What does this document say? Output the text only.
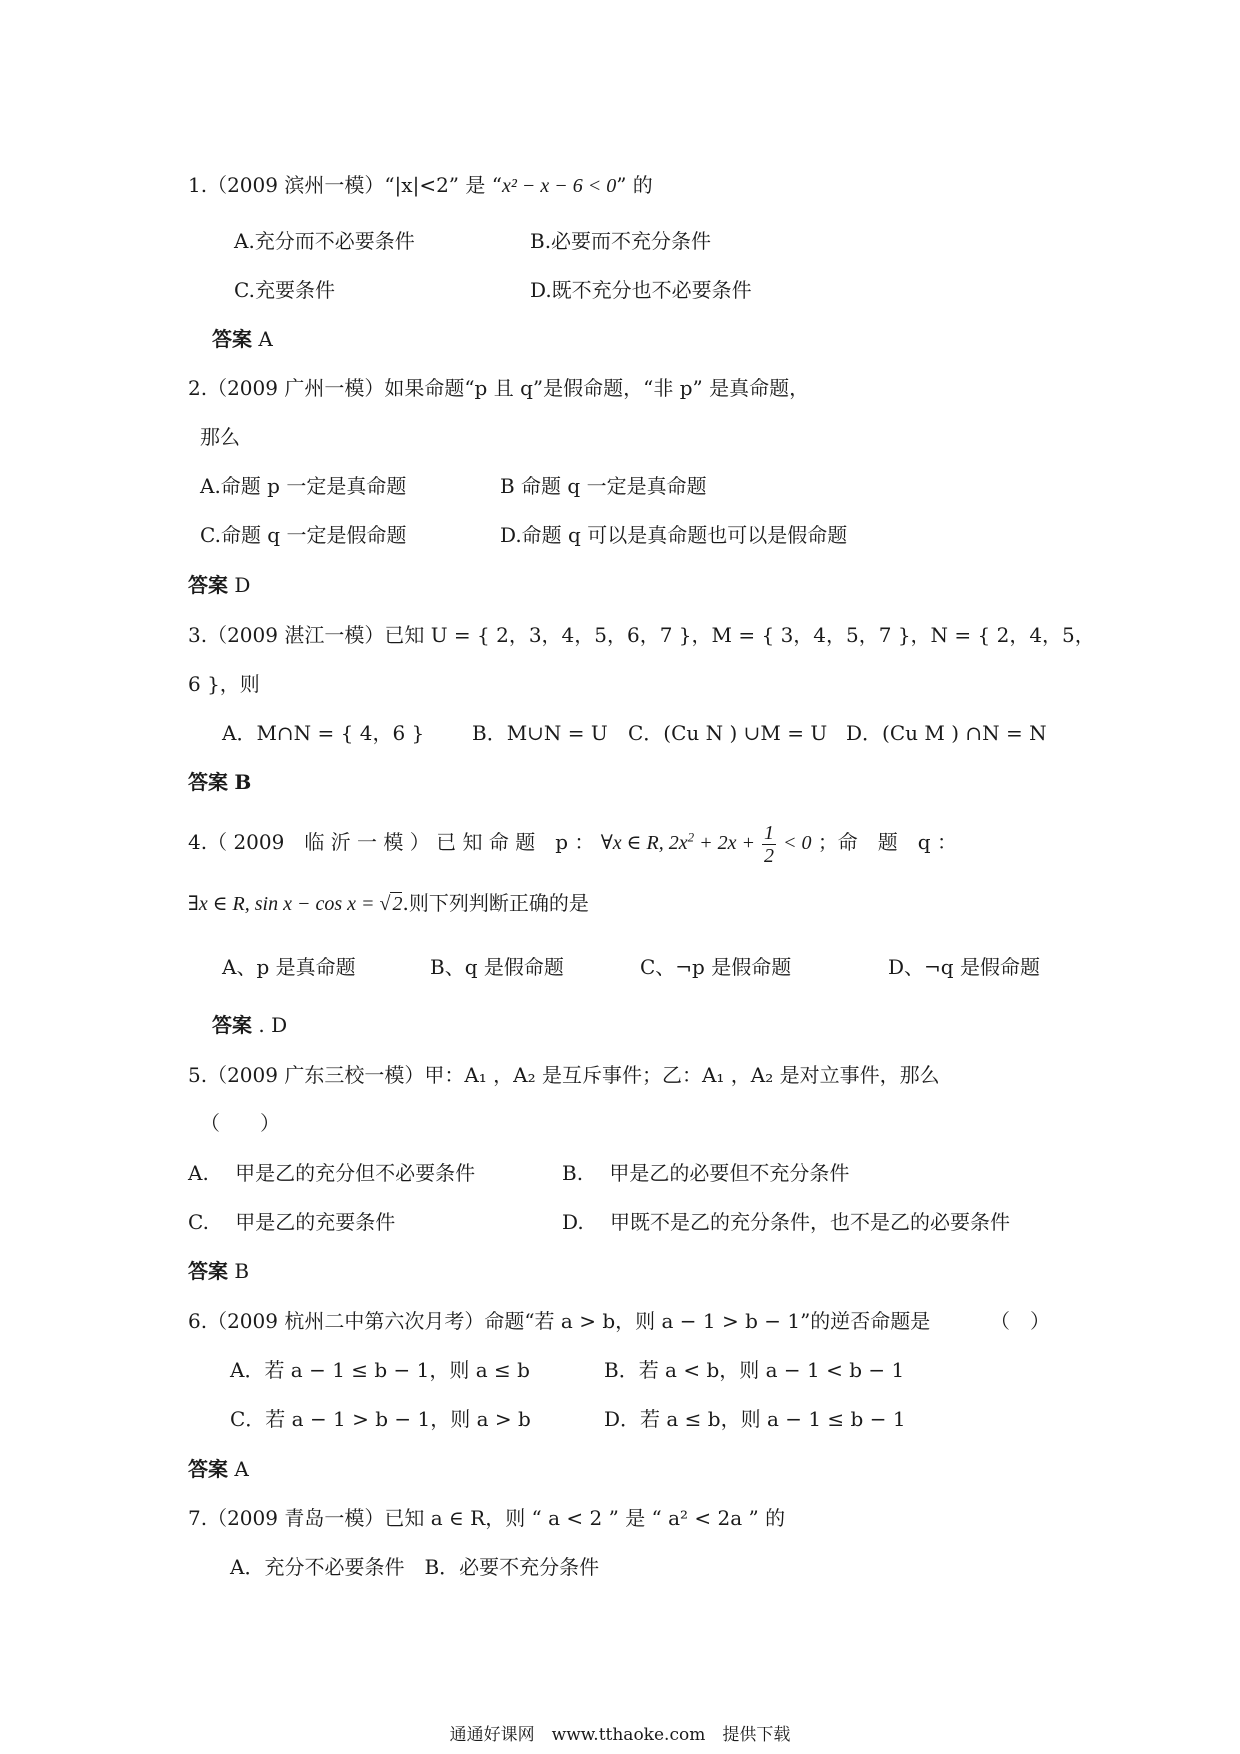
1.（2009 滨州一模）“|x|<2” 是 “x² − x − 6 < 0” 的
A.充分而不必要条件	B.必要而不充分条件
C.充要条件	D.既不充分也不必要条件
答案 A
2.（2009 广州一模）如果命题“p 且 q”是假命题，“非 p” 是真命题，
那么
A.命题 p 一定是真命题	B 命题 q 一定是真命题
C.命题 q 一定是假命题	D.命题 q 可以是真命题也可以是假命题
答案 D
3.（2009 湛江一模）已知 U = { 2，3，4，5，6，7 }，M = { 3，4，5，7 }，N = { 2，4，5，
6 }，则
A．M∩N = { 4，6 } B．M∪N = U C．(Cu N ) ∪M = U D．(Cu M ) ∩N = N
答案 B
4.（ 2009　临 沂 一 模 ） 已 知 命 题　p ： ∀x ∈ R, $2x^2 + 2x + \frac{1}{2} < 0$ ；命　题　q ：
∃x ∈ R, sin x − cos x = √ 2.则下列判断正确的是
A、p 是真命题	B、q 是假命题	C、¬p 是假命题	D、¬q 是假命题
答案 . D
5.（2009 广东三校一模）甲：A₁ ，A₂ 是互斥事件；乙：A₁ ，A₂ 是对立事件，那么
（　　）
A.　 甲是乙的充分但不必要条件	B.　 甲是乙的必要但不充分条件
C.　 甲是乙的充要条件	D.　 甲既不是乙的充分条件，也不是乙的必要条件
答案 B
6.（2009 杭州二中第六次月考）命题“若 a > b，则 a − 1 > b − 1”的逆否命题是	（　）
A．若 a − 1 ≤ b − 1，则 a ≤ b	B．若 a < b，则 a − 1 < b − 1
C．若 a − 1 > b − 1，则 a > b	D．若 a ≤ b，则 a − 1 ≤ b − 1
答案 A
7.（2009 青岛一模）已知 a ∈ R，则 “ a < 2 ” 是 “ a² < 2a ” 的
A．充分不必要条件　B．必要不充分条件
通通好课网　www.tthaoke.com　提供下载
